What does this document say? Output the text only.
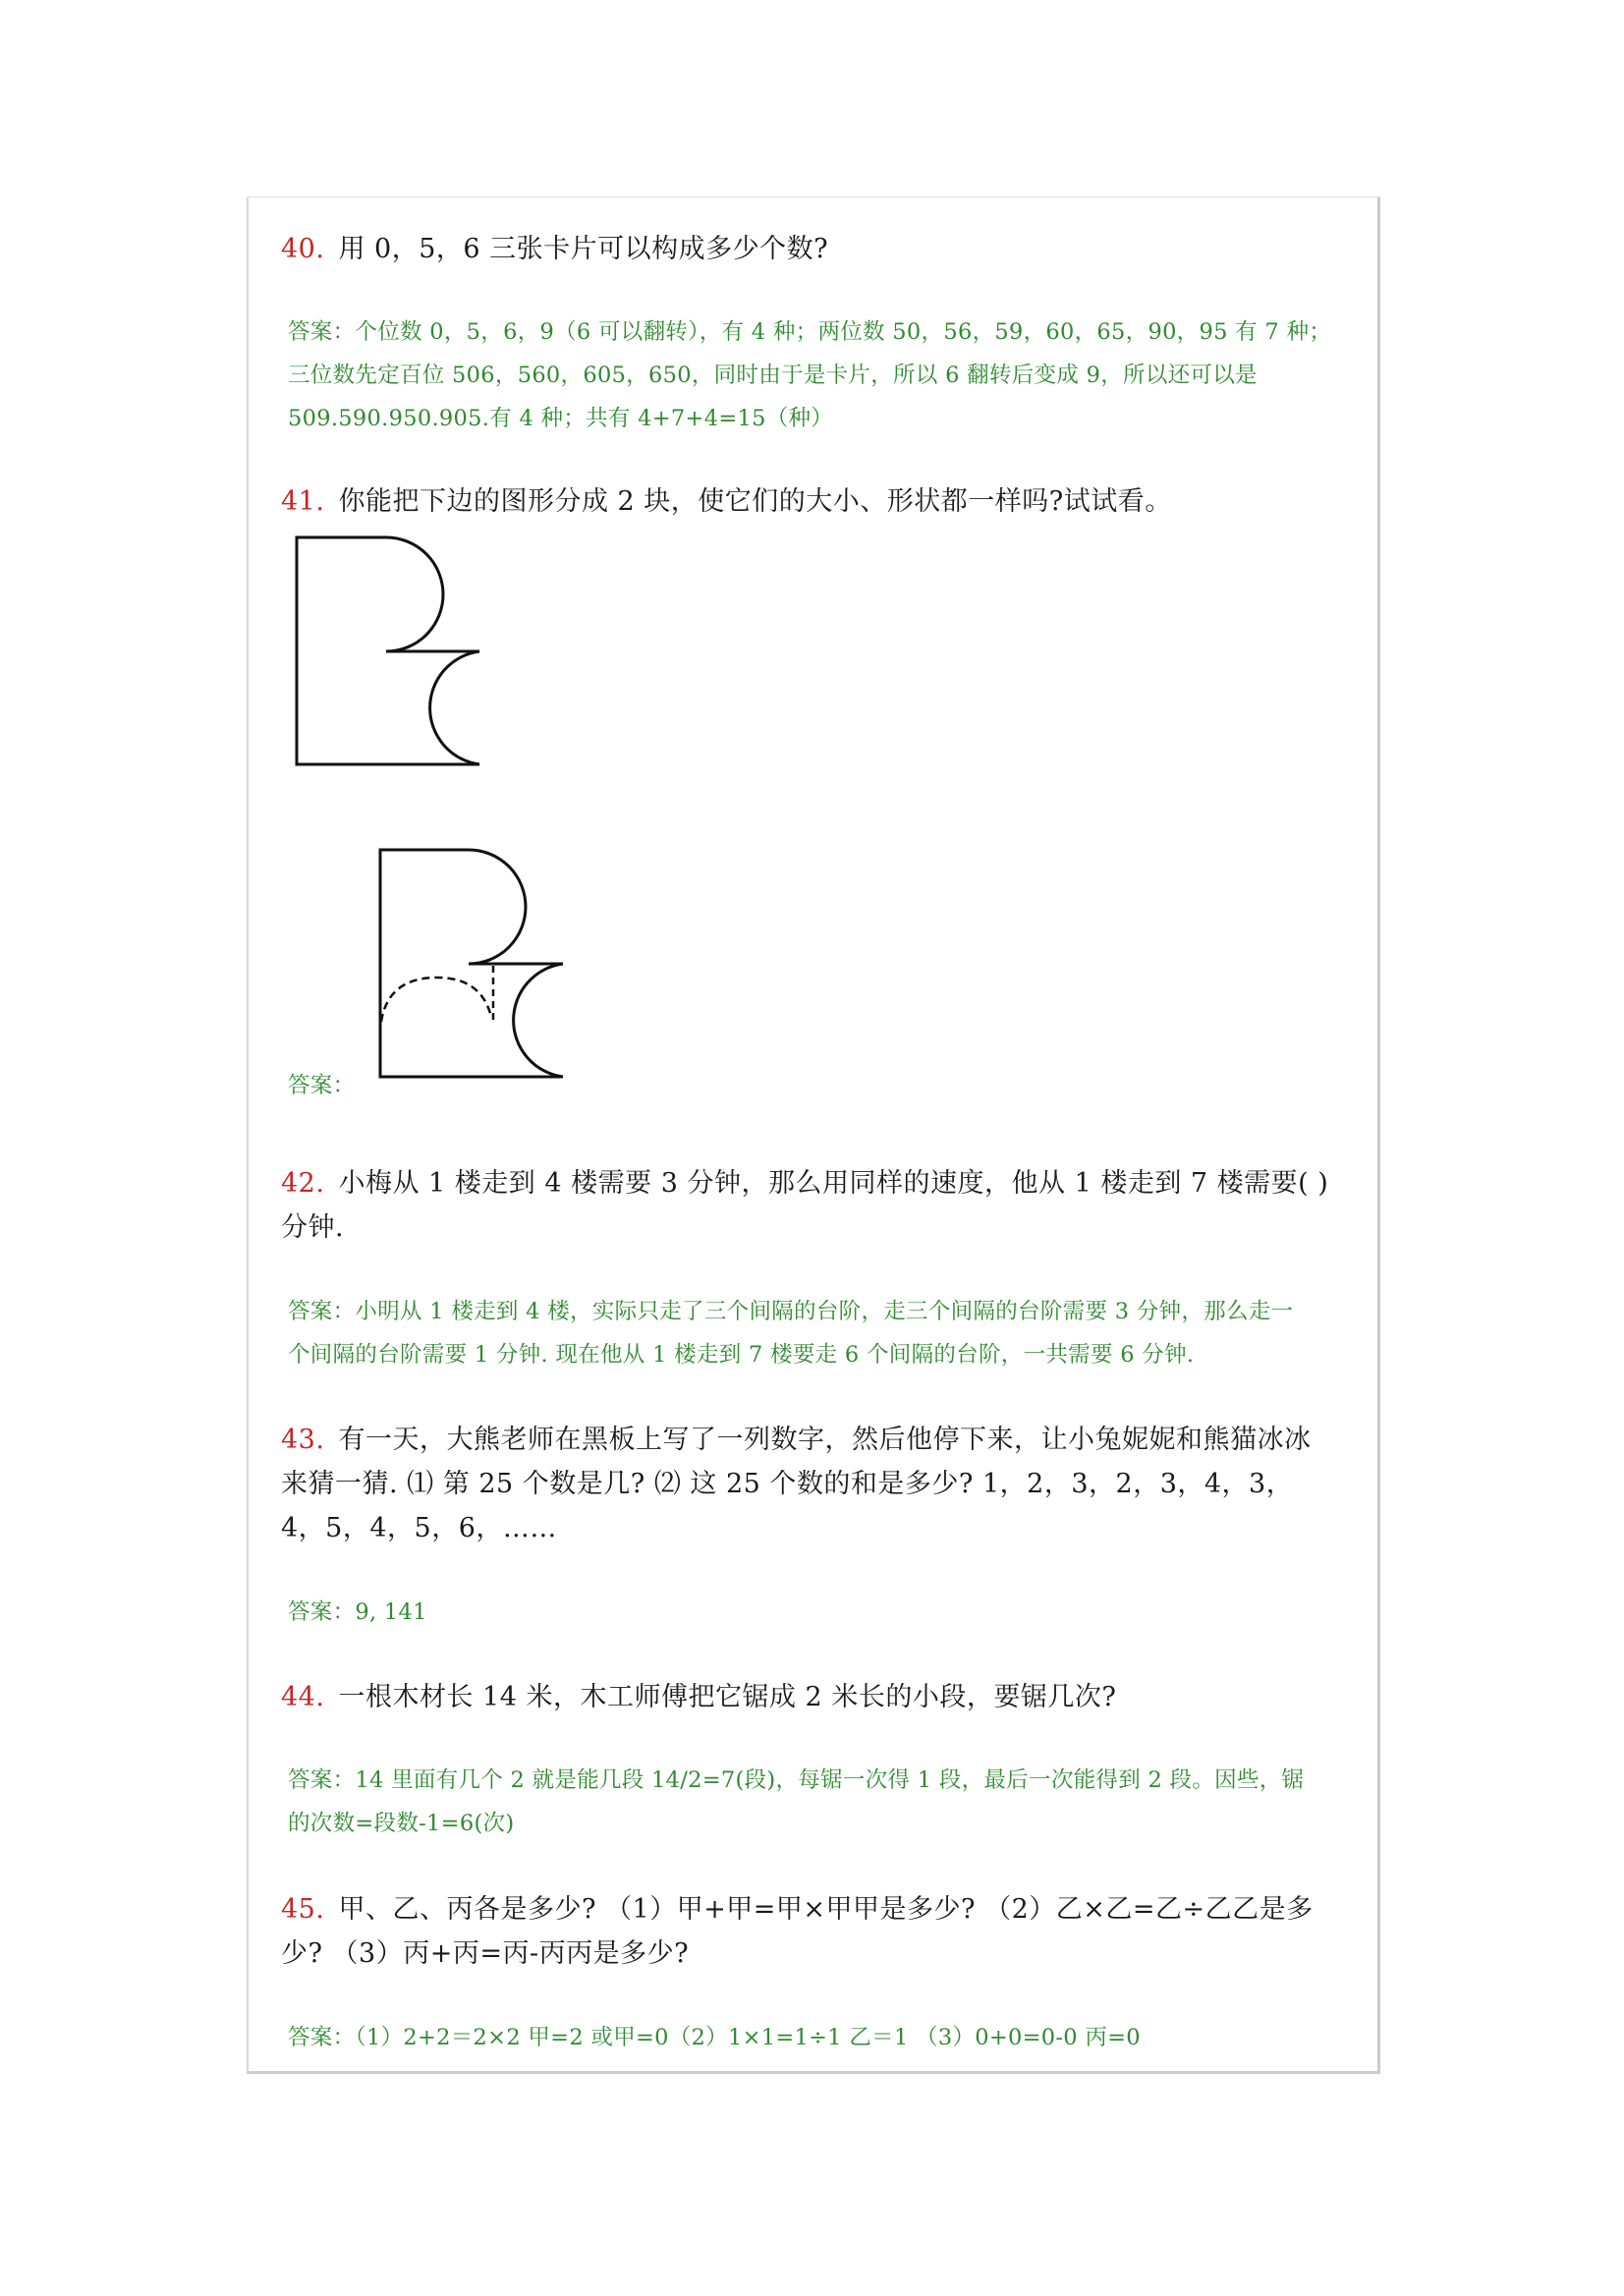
40. 用 0，5，6 三张卡片可以构成多少个数?
答案：个位数 0，5，6，9（6 可以翻转），有 4 种；两位数 50，56，59，60，65，90，95 有 7 种；
三位数先定百位 506，560，605，650，同时由于是卡片，所以 6 翻转后变成 9，所以还可以是
509.590.950.905.有 4 种；共有 4+7+4=15（种）
41. 你能把下边的图形分成 2 块，使它们的大小、形状都一样吗?试试看。
答案：
42. 小梅从 1 楼走到 4 楼需要 3 分钟，那么用同样的速度，他从 1 楼走到 7 楼需要( )
分钟.
答案：小明从 1 楼走到 4 楼，实际只走了三个间隔的台阶，走三个间隔的台阶需要 3 分钟，那么走一
个间隔的台阶需要 1 分钟. 现在他从 1 楼走到 7 楼要走 6 个间隔的台阶，一共需要 6 分钟.
43. 有一天，大熊老师在黑板上写了一列数字，然后他停下来，让小兔妮妮和熊猫冰冰
来猜一猜. ⑴ 第 25 个数是几? ⑵ 这 25 个数的和是多少? 1，2，3，2，3，4，3，
4，5，4，5，6，……
答案：9, 141
44. 一根木材长 14 米，木工师傅把它锯成 2 米长的小段，要锯几次?
答案：14 里面有几个 2 就是能几段 14/2=7(段)，每锯一次得 1 段，最后一次能得到 2 段。因些，锯
的次数=段数-1=6(次)
45. 甲、乙、丙各是多少? （1）甲+甲=甲×甲甲是多少? （2）乙×乙=乙÷乙乙是多
少? （3）丙+丙=丙-丙丙是多少?
答案：（1）2+2＝2×2 甲=2 或甲=0（2）1×1=1÷1 乙＝1 （3）0+0=0-0 丙=0
